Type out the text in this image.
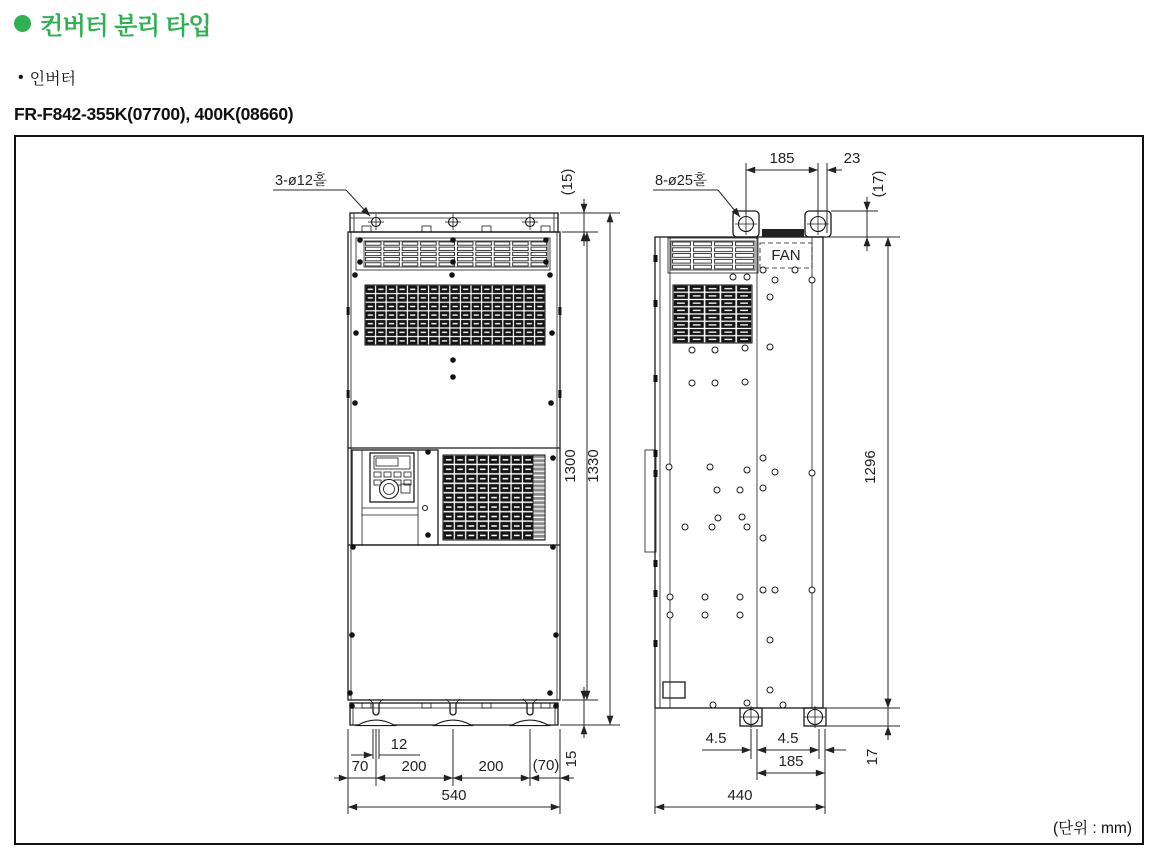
컨버터 분리 타입
• 인버터
FR-F842-355K(07700), 400K(08660)
3-ø12홀	(15)
1300 1330
15
12
70 200	200 (70)
540
FAN
8-ø25홀
185	23
(17)
1296
17
4.5	4.5
185
440
(단위 : mm)
